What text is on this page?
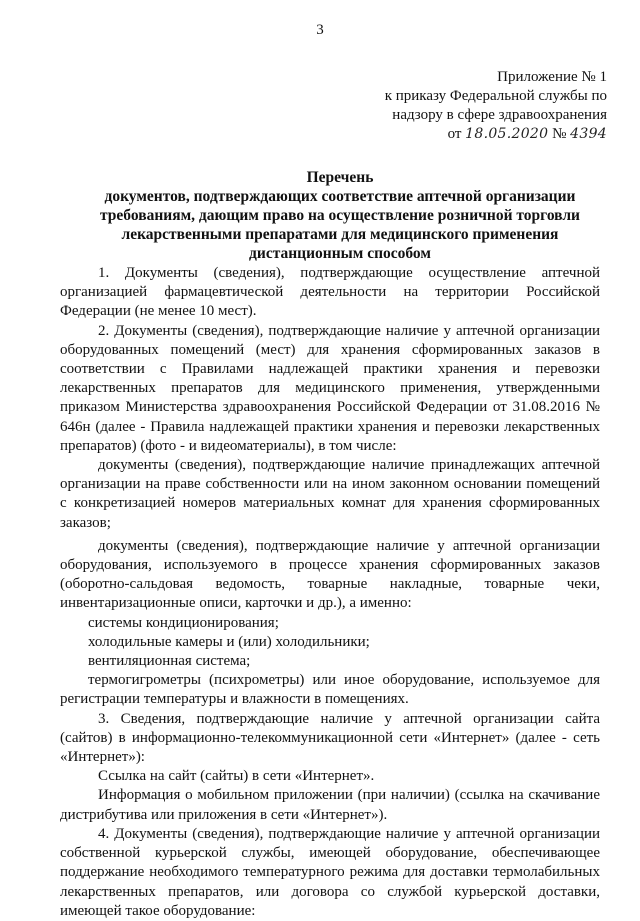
3
Приложение № 1
к приказу Федеральной службы по
надзору в сфере здравоохранения
от 18.05.2020 № 4394
Перечень
документов, подтверждающих соответствие аптечной организации
требованиям, дающим право на осуществление розничной торговли
лекарственными препаратами для медицинского применения
дистанционным способом

1. Документы (сведения), подтверждающие осуществление аптечной организацией фармацевтической деятельности на территории Российской Федерации (не менее 10 мест).

2. Документы (сведения), подтверждающие наличие у аптечной организации оборудованных помещений (мест) для хранения сформированных заказов в соответствии с Правилами надлежащей практики хранения и перевозки лекарственных препаратов для медицинского применения, утвержденными приказом Министерства здравоохранения Российской Федерации от 31.08.2016 № 646н (далее - Правила надлежащей практики хранения и перевозки лекарственных препаратов) (фото - и видеоматериалы), в том числе:

документы (сведения), подтверждающие наличие принадлежащих аптечной организации на праве собственности или на ином законном основании помещений с конкретизацией номеров материальных комнат для хранения сформированных заказов;

документы (сведения), подтверждающие наличие у аптечной организации оборудования, используемого в процессе хранения сформированных заказов (оборотно-сальдовая ведомость, товарные накладные, товарные чеки, инвентаризационные описи, карточки и др.), а именно:

системы кондиционирования;

холодильные камеры и (или) холодильники;

вентиляционная система;

термогигрометры (психрометры) или иное оборудование, используемое для регистрации температуры и влажности в помещениях.

3. Сведения, подтверждающие наличие у аптечной организации сайта (сайтов) в информационно-телекоммуникационной сети «Интернет» (далее - сеть «Интернет»):

Ссылка на сайт (сайты) в сети «Интернет».

Информация о мобильном приложении (при наличии) (ссылка на скачивание дистрибутива или приложения в сети «Интернет»).

4. Документы (сведения), подтверждающие наличие у аптечной организации собственной курьерской службы, имеющей оборудование, обеспечивающее поддержание необходимого температурного режима для доставки термолабильных лекарственных препаратов, или договора со службой курьерской доставки, имеющей такое оборудование:
